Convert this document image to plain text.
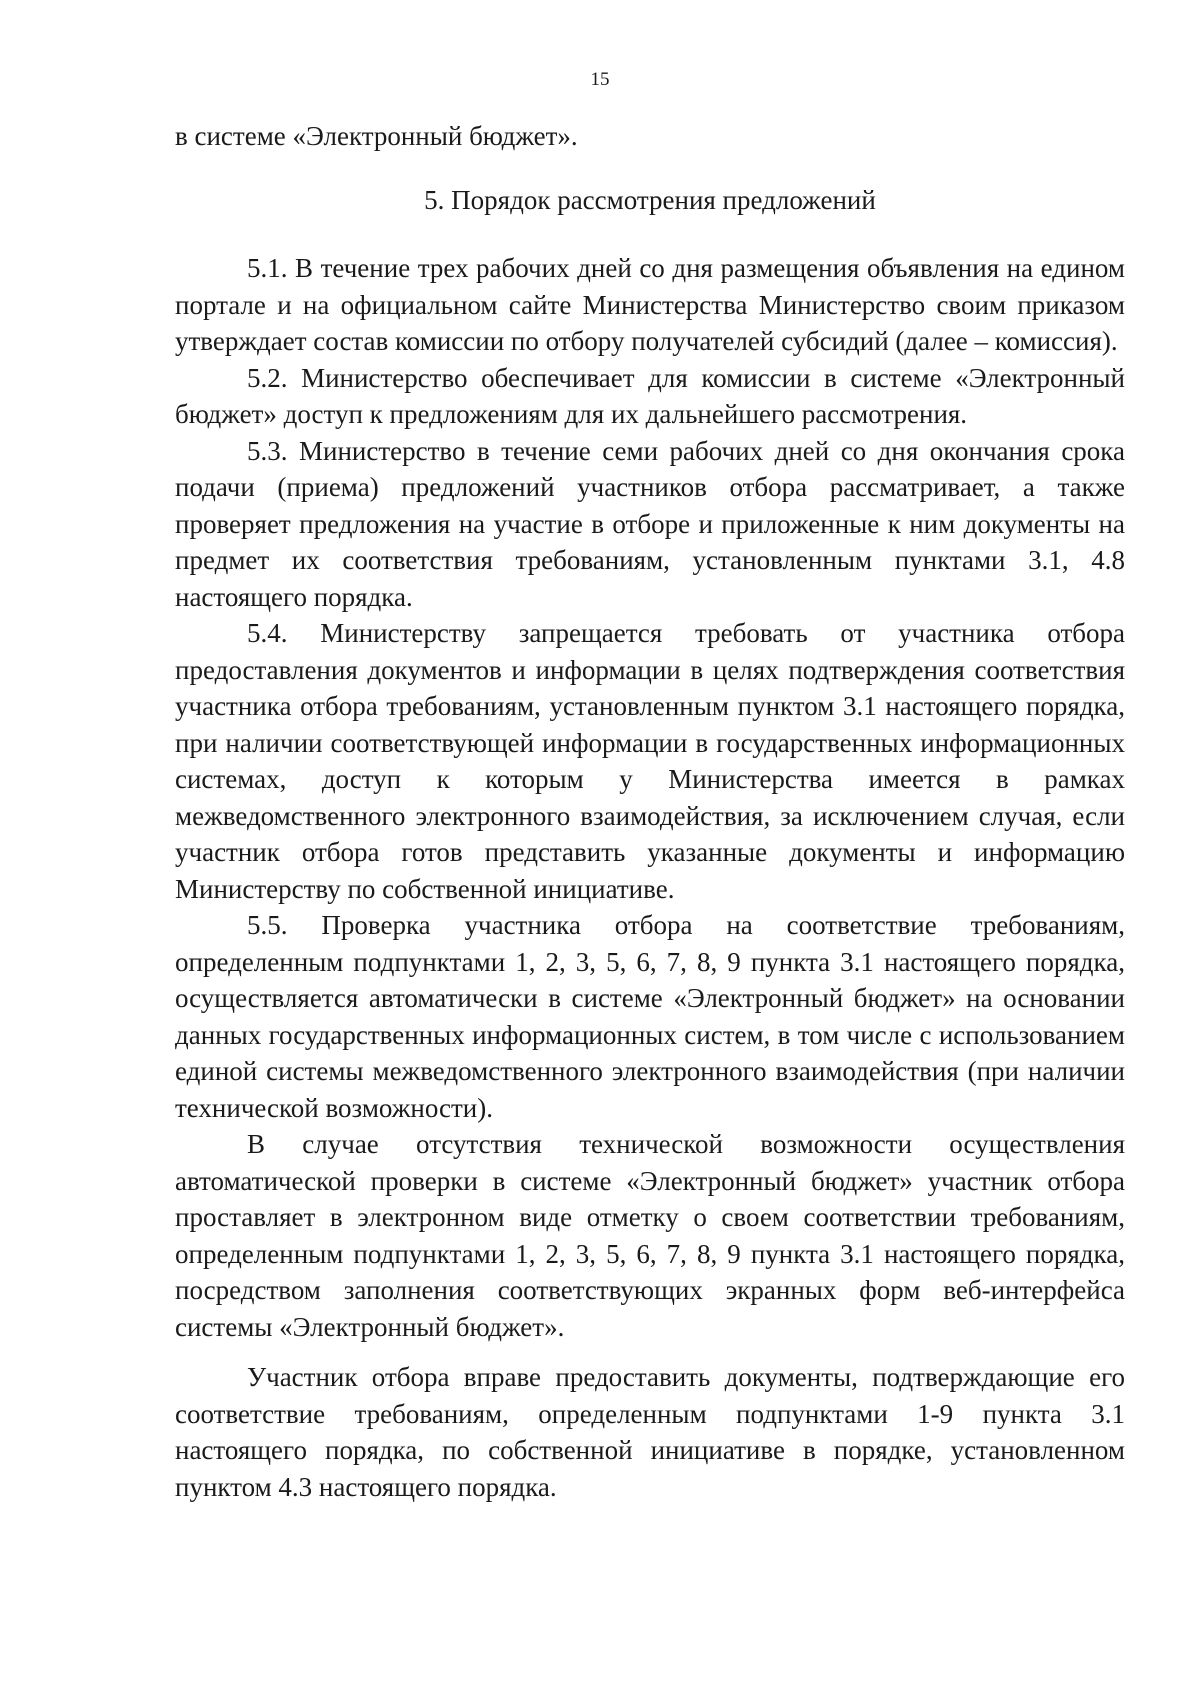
15

в системе «Электронный бюджет».

5. Порядок рассмотрения предложений

5.1. В течение трех рабочих дней со дня размещения объявления на едином портале и на официальном сайте Министерства Министерство своим приказом утверждает состав комиссии по отбору получателей субсидий (далее – комиссия).

5.2. Министерство обеспечивает для комиссии в системе «Электронный бюджет» доступ к предложениям для их дальнейшего рассмотрения.

5.3. Министерство в течение семи рабочих дней со дня окончания срока подачи (приема) предложений участников отбора рассматривает, а также проверяет предложения на участие в отборе и приложенные к ним документы на предмет их соответствия требованиям, установленным пунктами 3.1, 4.8 настоящего порядка.

5.4. Министерству запрещается требовать от участника отбора предоставления документов и информации в целях подтверждения соответствия участника отбора требованиям, установленным пунктом 3.1 настоящего порядка, при наличии соответствующей информации в государственных информационных системах, доступ к которым у Министерства имеется в рамках межведомственного электронного взаимодействия, за исключением случая, если участник отбора готов представить указанные документы и информацию Министерству по собственной инициативе.

5.5. Проверка участника отбора на соответствие требованиям, определенным подпунктами 1, 2, 3, 5, 6, 7, 8, 9 пункта 3.1 настоящего порядка, осуществляется автоматически в системе «Электронный бюджет» на основании данных государственных информационных систем, в том числе с использованием единой системы межведомственного электронного взаимодействия (при наличии технической возможности).

В случае отсутствия технической возможности осуществления автоматической проверки в системе «Электронный бюджет» участник отбора проставляет в электронном виде отметку о своем соответствии требованиям, определенным подпунктами 1, 2, 3, 5, 6, 7, 8, 9 пункта 3.1 настоящего порядка, посредством заполнения соответствующих экранных форм веб-интерфейса системы «Электронный бюджет».

Участник отбора вправе предоставить документы, подтверждающие его соответствие требованиям, определенным подпунктами 1-9 пункта 3.1 настоящего порядка, по собственной инициативе в порядке, установленном пунктом 4.3 настоящего порядка.
